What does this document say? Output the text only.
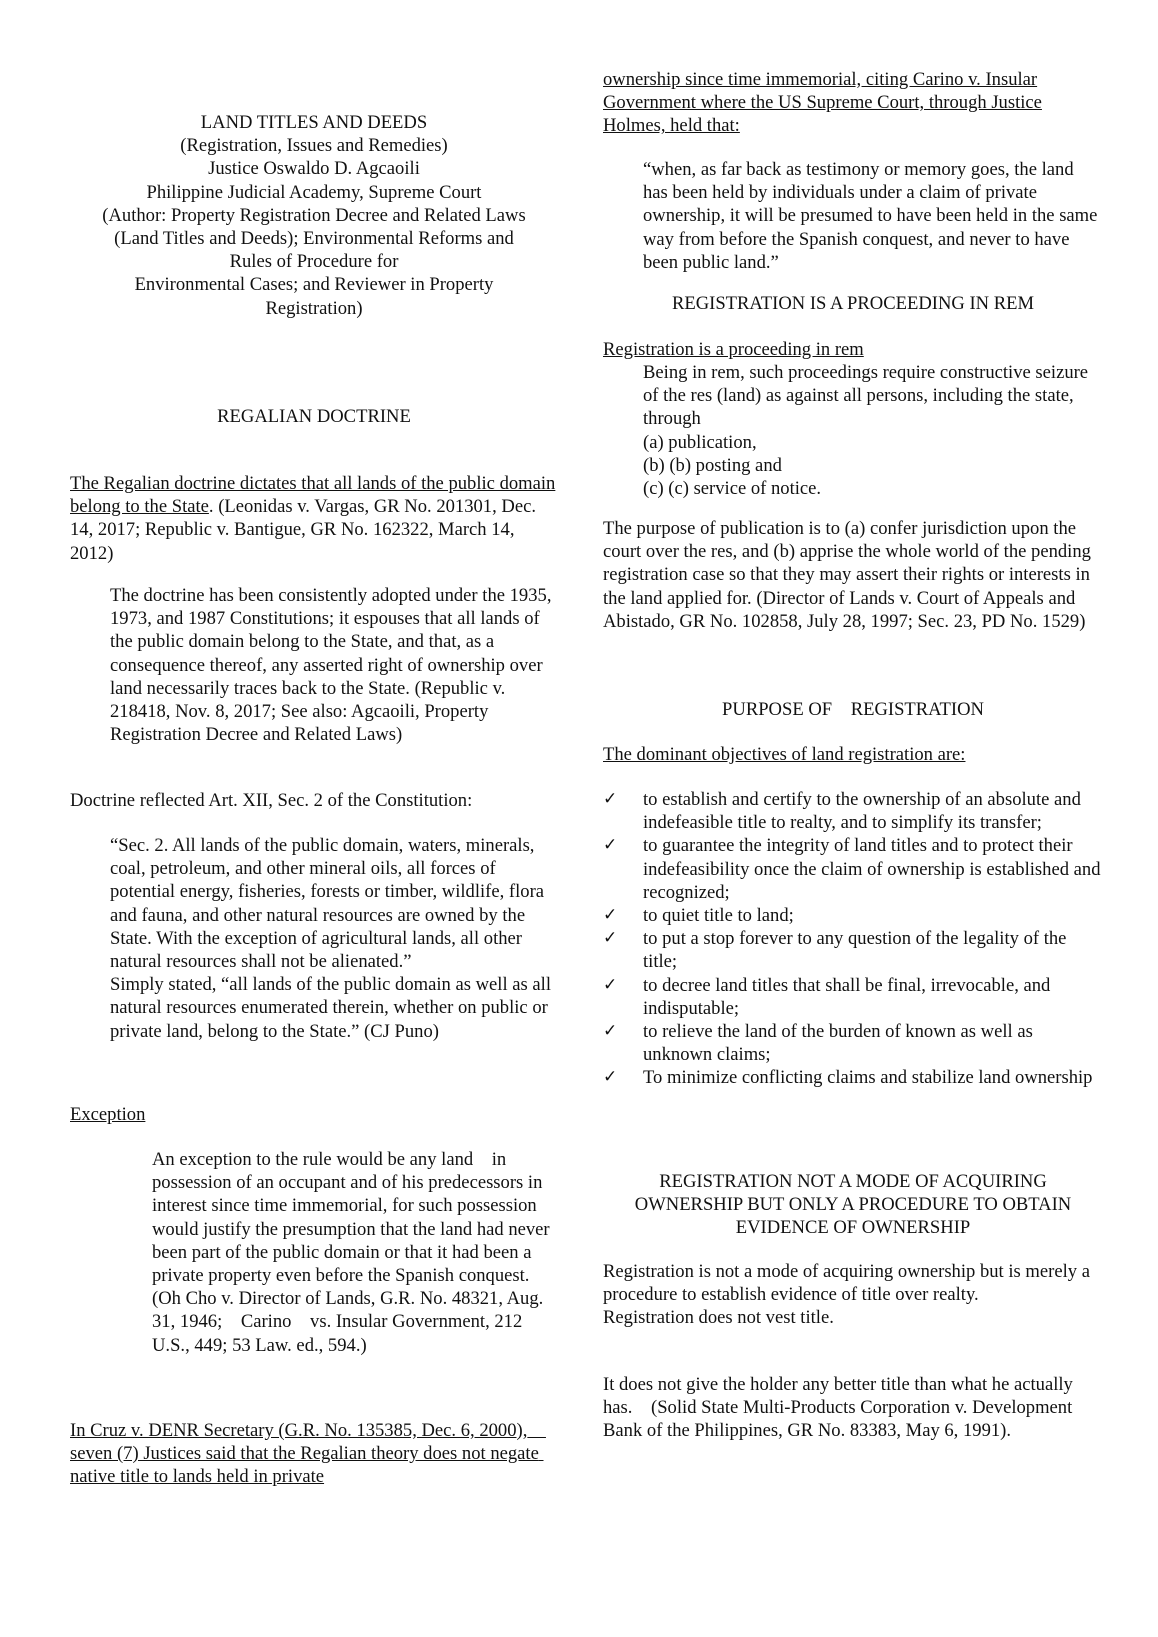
LAND TITLES AND DEEDS
(Registration, Issues and Remedies)
Justice Oswaldo D. Agcaoili
Philippine Judicial Academy, Supreme Court
(Author: Property Registration Decree and Related Laws
(Land Titles and Deeds); Environmental Reforms and
Rules of Procedure for
Environmental Cases; and Reviewer in Property
Registration)
REGALIAN DOCTRINE

The Regalian doctrine dictates that all lands of the public domain belong to the State. (Leonidas v. Vargas, GR No. 201301, Dec. 14, 2017; Republic v. Bantigue, GR No. 162322, March 14, 2012)

The doctrine has been consistently adopted under the 1935, 1973, and 1987 Constitutions; it espouses that all lands of the public domain belong to the State, and that, as a consequence thereof, any asserted right of ownership over land necessarily traces back to the State. (Republic v. 218418, Nov. 8, 2017; See also: Agcaoili, Property Registration Decree and Related Laws)

Doctrine reflected Art. XII, Sec. 2 of the Constitution:

“Sec. 2. All lands of the public domain, waters, minerals, coal, petroleum, and other mineral oils, all forces of potential energy, fisheries, forests or timber, wildlife, flora and fauna, and other natural resources are owned by the State. With the exception of agricultural lands, all other natural resources shall not be alienated.”

Simply stated, “all lands of the public domain as well as all natural resources enumerated therein, whether on public or private land, belong to the State.” (CJ Puno)

Exception

An exception to the rule would be any land    in possession of an occupant and of his predecessors in interest since time immemorial, for such possession would justify the presumption that the land had never been part of the public domain or that it had been a private property even before the Spanish conquest. (Oh Cho v. Director of Lands, G.R. No. 48321, Aug. 31, 1946;    Carino    vs. Insular Government, 212 U.S., 449; 53 Law. ed., 594.)

In Cruz v. DENR Secretary (G.R. No. 135385, Dec. 6, 2000),    seven (7) Justices said that the Regalian theory does not negate native title to lands held in private

ownership since time immemorial, citing Carino v. Insular Government where the US Supreme Court, through Justice Holmes, held that:

“when, as far back as testimony or memory goes, the land has been held by individuals under a claim of private ownership, it will be presumed to have been held in the same way from before the Spanish conquest, and never to have been public land.”

REGISTRATION IS A PROCEEDING IN REM

Registration is a proceeding in rem

Being in rem, such proceedings require constructive seizure of the res (land) as against all persons, including the state, through

(a) publication,
(b) (b) posting and
(c) (c) service of notice.

The purpose of publication is to (a) confer jurisdiction upon the court over the res, and (b) apprise the whole world of the pending registration case so that they may assert their rights or interests in the land applied for. (Director of Lands v. Court of Appeals and Abistado, GR No. 102858, July 28, 1997; Sec. 23, PD No. 1529)

PURPOSE OF    REGISTRATION

The dominant objectives of land registration are:

✓ to establish and certify to the ownership of an absolute and indefeasible title to realty, and to simplify its transfer;
✓ to guarantee the integrity of land titles and to protect their indefeasibility once the claim of ownership is established and recognized;
✓ to quiet title to land;
✓ to put a stop forever to any question of the legality of the title;
✓ to decree land titles that shall be final, irrevocable, and indisputable;
✓ to relieve the land of the burden of known as well as unknown claims;
✓ To minimize conflicting claims and stabilize land ownership
REGISTRATION NOT A MODE OF ACQUIRING
OWNERSHIP BUT ONLY A PROCEDURE TO OBTAIN
EVIDENCE OF OWNERSHIP

Registration is not a mode of acquiring ownership but is merely a procedure to establish evidence of title over realty.

Registration does not vest title.

It does not give the holder any better title than what he actually has.    (Solid State Multi-Products Corporation v. Development Bank of the Philippines, GR No. 83383, May 6, 1991).
